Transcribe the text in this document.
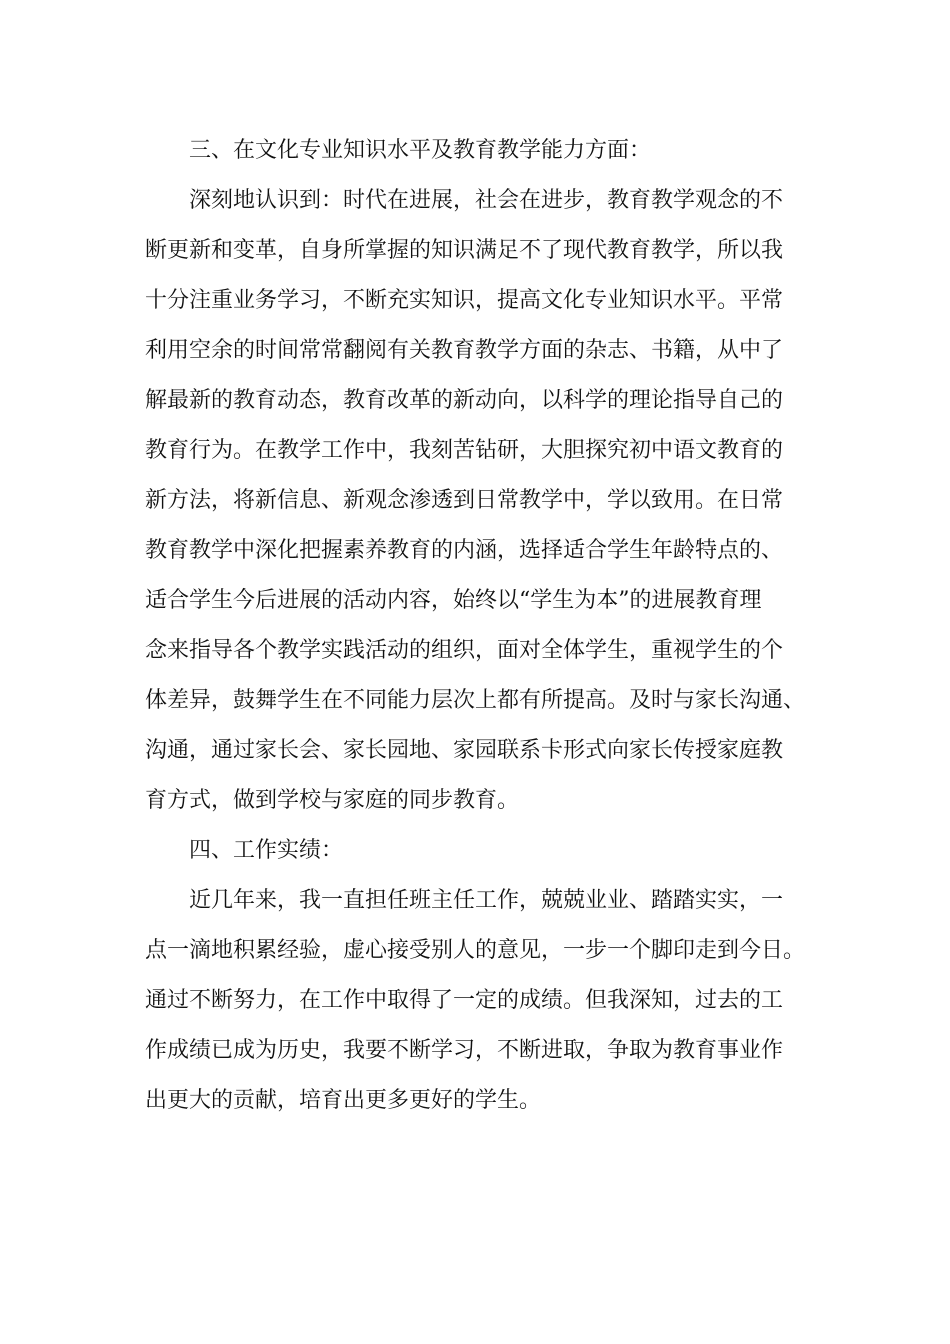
三、在文化专业知识水平及教育教学能力方面：
深刻地认识到：时代在进展，社会在进步，教育教学观念的不
断更新和变革，自身所掌握的知识满足不了现代教育教学，所以我
十分注重业务学习，不断充实知识，提高文化专业知识水平。平常
利用空余的时间常常翻阅有关教育教学方面的杂志、书籍，从中了
解最新的教育动态，教育改革的新动向，以科学的理论指导自己的
教育行为。在教学工作中，我刻苦钻研，大胆探究初中语文教育的
新方法，将新信息、新观念渗透到日常教学中，学以致用。在日常
教育教学中深化把握素养教育的内涵，选择适合学生年龄特点的、
适合学生今后进展的活动内容，始终以“学生为本”的进展教育理
念来指导各个教学实践活动的组织，面对全体学生，重视学生的个
体差异，鼓舞学生在不同能力层次上都有所提高。及时与家长沟通、
沟通，通过家长会、家长园地、家园联系卡形式向家长传授家庭教
育方式，做到学校与家庭的同步教育。
四、工作实绩：
近几年来，我一直担任班主任工作，兢兢业业、踏踏实实，一
点一滴地积累经验，虚心接受别人的意见，一步一个脚印走到今日。
通过不断努力，在工作中取得了一定的成绩。但我深知，过去的工
作成绩已成为历史，我要不断学习，不断进取，争取为教育事业作
出更大的贡献，培育出更多更好的学生。
